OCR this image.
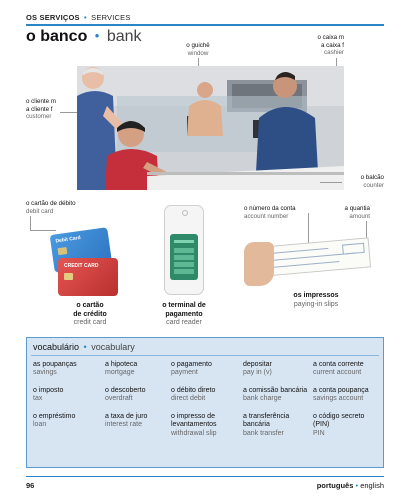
OS SERVIÇOS • SERVICES
o banco • bank
o guichê
window
o caixa m
a caixa f
cashier
o cliente m
a cliente f
customer
o balcão
counter
o cartão de débito
debit card
Debit Card
CREDIT CARD
o cartão
de crédito
credit card
o terminal de
pagamento
card reader
o número da conta
account number
a quantia
amount
os impressos
paying-in slips
vocabulário • vocabulary
as poupanças
savings
o imposto
tax
o empréstimo
loan
a hipoteca
mortgage
o descoberto
overdraft
a taxa de juro
interest rate
o pagamento
payment
o débito direto
direct debit
o impresso de levantamentos
withdrawal slip
depositar
pay in (v)
a comissão bancária
bank charge
a transferência bancária
bank transfer
a conta corrente
current account
a conta poupança
savings account
o código secreto (PIN)
PIN
96	português • english
